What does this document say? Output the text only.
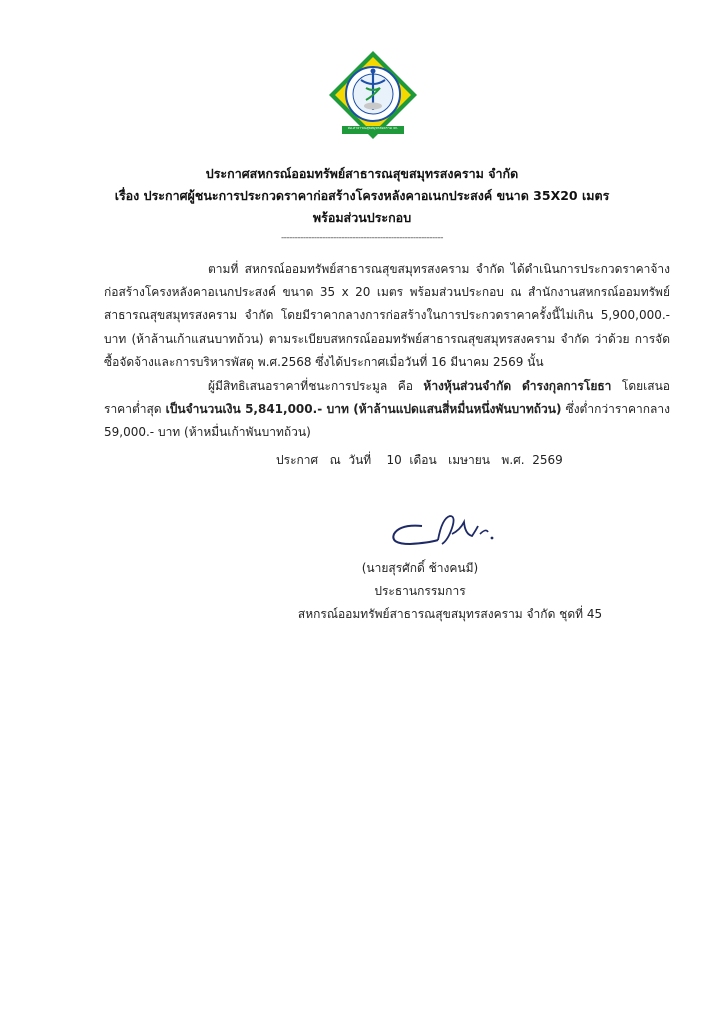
สอ.สาธารณสุขสมุทรสงคราม จก.
ประกาศสหกรณ์ออมทรัพย์สาธารณสุขสมุทรสงคราม จำกัด
เรื่อง ประกาศผู้ชนะการประกวดราคาก่อสร้างโครงหลังคาอเนกประสงค์ ขนาด 35X20 เมตร
พร้อมส่วนประกอบ
-----------------------------------------------------------

ตามที่ สหกรณ์ออมทรัพย์สาธารณสุขสมุทรสงคราม จำกัด ได้ดำเนินการประกวดราคาจ้างก่อสร้างโครงหลังคาอเนกประสงค์ ขนาด 35 x 20 เมตร พร้อมส่วนประกอบ ณ สำนักงานสหกรณ์ออมทรัพย์สาธารณสุขสมุทรสงคราม จำกัด โดยมีราคากลางการก่อสร้างในการประกวดราคาครั้งนี้ไม่เกิน 5,900,000.- บาท (ห้าล้านเก้าแสนบาทถ้วน) ตามระเบียบสหกรณ์ออมทรัพย์สาธารณสุขสมุทรสงคราม จำกัด ว่าด้วย การจัดซื้อจัดจ้างและการบริหารพัสดุ พ.ศ.2568 ซึ่งได้ประกาศเมื่อวันที่ 16 มีนาคม 2569 นั้น

ผู้มีสิทธิเสนอราคาที่ชนะการประมูล คือ ห้างหุ้นส่วนจำกัด ดำรงกุลการโยธา โดยเสนอราคาต่ำสุด เป็นจำนวนเงิน 5,841,000.- บาท (ห้าล้านแปดแสนสี่หมื่นหนึ่งพันบาทถ้วน) ซึ่งต่ำกว่าราคากลาง 59,000.- บาท (ห้าหมื่นเก้าพันบาทถ้วน)

ประกาศ   ณ  วันที่    10  เดือน   เมษายน   พ.ศ.  2569
(นายสุรศักดิ์ ช้างคนมี)
ประธานกรรมการ
สหกรณ์ออมทรัพย์สาธารณสุขสมุทรสงคราม จำกัด ชุดที่ 45
